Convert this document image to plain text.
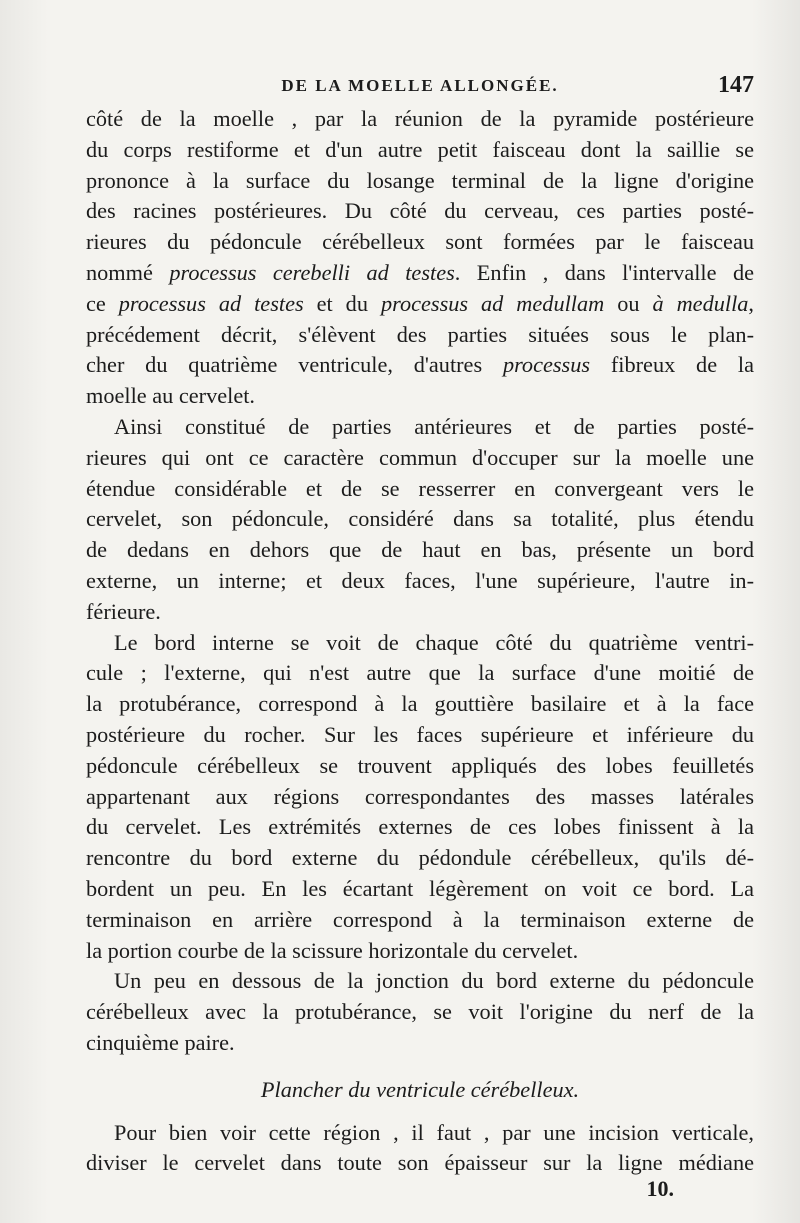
DE LA MOELLE ALLONGÉE.	147
côté de la moelle , par la réunion de la pyramide postérieure
du corps restiforme et d'un autre petit faisceau dont la saillie se
prononce à la surface du losange terminal de la ligne d'origine
des racines postérieures. Du côté du cerveau, ces parties posté-
rieures du pédoncule cérébelleux sont formées par le faisceau
nommé processus cerebelli ad testes. Enfin , dans l'intervalle de
ce processus ad testes et du processus ad medullam ou à medulla,
précédement décrit, s'élèvent des parties situées sous le plan-
cher du quatrième ventricule, d'autres processus fibreux de la
moelle au cervelet.
Ainsi constitué de parties antérieures et de parties posté-
rieures qui ont ce caractère commun d'occuper sur la moelle une
étendue considérable et de se resserrer en convergeant vers le
cervelet, son pédoncule, considéré dans sa totalité, plus étendu
de dedans en dehors que de haut en bas, présente un bord
externe, un interne; et deux faces, l'une supérieure, l'autre in-
férieure.
Le bord interne se voit de chaque côté du quatrième ventri-
cule ; l'externe, qui n'est autre que la surface d'une moitié de
la protubérance, correspond à la gouttière basilaire et à la face
postérieure du rocher. Sur les faces supérieure et inférieure du
pédoncule cérébelleux se trouvent appliqués des lobes feuilletés
appartenant aux régions correspondantes des masses latérales
du cervelet. Les extrémités externes de ces lobes finissent à la
rencontre du bord externe du pédondule cérébelleux, qu'ils dé-
bordent un peu. En les écartant légèrement on voit ce bord. La
terminaison en arrière correspond à la terminaison externe de
la portion courbe de la scissure horizontale du cervelet.
Un peu en dessous de la jonction du bord externe du pédoncule
cérébelleux avec la protubérance, se voit l'origine du nerf de la
cinquième paire.
Plancher du ventricule cérébelleux.
Pour bien voir cette région , il faut , par une incision verticale,
diviser le cervelet dans toute son épaisseur sur la ligne médiane
10.
